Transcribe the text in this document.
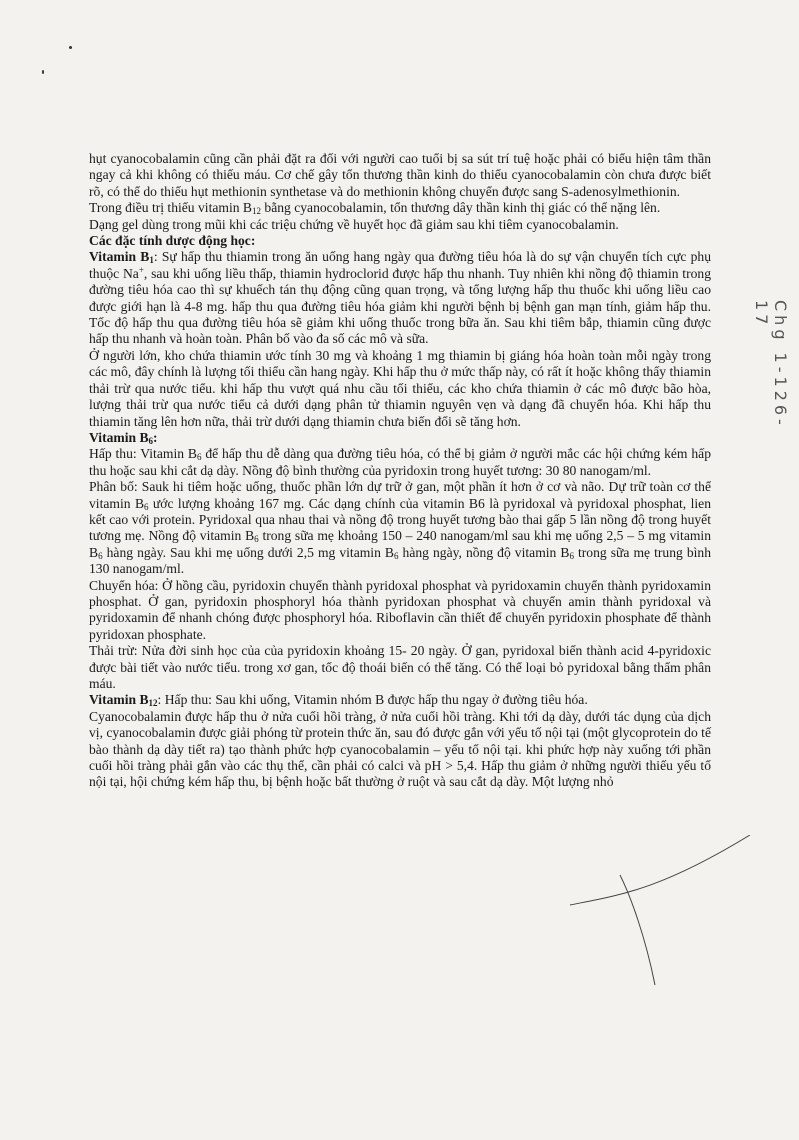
Chg 1-126-17

hụt cyanocobalamin cũng cần phải đặt ra đối với người cao tuổi bị sa sút trí tuệ hoặc phải có biểu hiện tâm thần ngay cả khi không có thiếu máu. Cơ chế gây tổn thương thần kinh do thiếu cyanocobalamin còn chưa được biết rõ, có thể do thiếu hụt methionin synthetase và do methionin không chuyển được sang S-adenosylmethionin.

Trong điều trị thiếu vitamin $B_{12}$ bằng cyanocobalamin, tổn thương dây thần kinh thị giác có thể nặng lên.

Dạng gel dùng trong mũi khi các triệu chứng về huyết học đã giảm sau khi tiêm cyanocobalamin.

Các đặc tính dược động học:

Vitamin $B_1$: Sự hấp thu thiamin trong ăn uống hang ngày qua đường tiêu hóa là do sự vận chuyển tích cực phụ thuộc Na+, sau khi uống liều thấp, thiamin hydroclorid được hấp thu nhanh. Tuy nhiên khi nồng độ thiamin trong đường tiêu hóa cao thì sự khuếch tán thụ động cũng quan trọng, và tổng lượng hấp thu thuốc khi uống liều cao được giới hạn là 4-8 mg. hấp thu qua đường tiêu hóa giảm khi người bệnh bị bệnh gan mạn tính, giảm hấp thu. Tốc độ hấp thu qua đường tiêu hóa sẽ giảm khi uống thuốc trong bữa ăn. Sau khi tiêm bắp, thiamin cũng được hấp thu nhanh và hoàn toàn. Phân bố vào đa số các mô và sữa.

Ở người lớn, kho chứa thiamin ước tính 30 mg và khoảng 1 mg thiamin bị giáng hóa hoàn toàn mỗi ngày trong các mô, đây chính là lượng tối thiểu cần hang ngày. Khi hấp thu ở mức thấp này, có rất ít hoặc không thấy thiamin thải trừ qua nước tiểu. khi hấp thu vượt quá nhu cầu tối thiểu, các kho chứa thiamin ở các mô được bão hòa, lượng thải trừ qua nước tiểu cả dưới dạng phân tử thiamin nguyên vẹn và dạng đã chuyển hóa. Khi hấp thu thiamin tăng lên hơn nữa, thải trừ dưới dạng thiamin chưa biến đổi sẽ tăng hơn.

Vitamin $B_6$:

Hấp thu: Vitamin $B_6$ để hấp thu dễ dàng qua đường tiêu hóa, có thể bị giảm ở người mắc các hội chứng kém hấp thu hoặc sau khi cắt dạ dày. Nồng độ bình thường của pyridoxin trong huyết tương: 30 80 nanogam/ml.

Phân bố: Sauk hi tiêm hoặc uống, thuốc phần lớn dự trữ ở gan, một phần ít hơn ở cơ và não. Dự trữ toàn cơ thể vitamin $B_6$ ước lượng khoảng 167 mg. Các dạng chính của vitamin B6 là pyridoxal và pyridoxal phosphat, lien kết cao với protein. Pyridoxal qua nhau thai và nồng độ trong huyết tương bào thai gấp 5 lần nồng độ trong huyết tương mẹ. Nồng độ vitamin $B_6$ trong sữa mẹ khoảng 150 – 240 nanogam/ml sau khi mẹ uống 2,5 – 5 mg vitamin $B_6$ hàng ngày. Sau khi mẹ uống dưới 2,5 mg vitamin $B_6$ hàng ngày, nồng độ vitamin $B_6$ trong sữa mẹ trung bình 130 nanogam/ml.

Chuyển hóa: Ở hồng cầu, pyridoxin chuyển thành pyridoxal phosphat và pyridoxamin chuyển thành pyridoxamin phosphat. Ở gan, pyridoxin phosphoryl hóa thành pyridoxan phosphat và chuyển amin thành pyridoxal và pyridoxamin để nhanh chóng được phosphoryl hóa. Riboflavin cần thiết để chuyển pyridoxin phosphate để thành pyridoxan phosphate.

Thải trừ: Nửa đời sinh học của của pyridoxin khoảng 15- 20 ngày. Ở gan, pyridoxal biến thành acid 4-pyridoxic được bài tiết vào nước tiểu. trong xơ gan, tốc độ thoái biến có thể tăng. Có thể loại bỏ pyridoxal bằng thẩm phân máu.

Vitamin $B_{12}$: Hấp thu: Sau khi uống, Vitamin nhóm B được hấp thu ngay ở đường tiêu hóa.

Cyanocobalamin được hấp thu ở nửa cuối hồi tràng, ở nửa cuối hồi tràng. Khi tới dạ dày, dưới tác dụng của dịch vị, cyanocobalamin được giải phóng từ protein thức ăn, sau đó được gắn với yếu tố nội tại (một glycoprotein do tế bào thành dạ dày tiết ra) tạo thành phức hợp cyanocobalamin – yếu tố nội tại. khi phức hợp này xuống tới phần cuối hồi tràng phải gắn vào các thụ thể, cần phải có calci và pH > 5,4. Hấp thu giảm ở những người thiếu yếu tố nội tại, hội chứng kém hấp thu, bị bệnh hoặc bất thường ở ruột và sau cắt dạ dày. Một lượng nhỏ
